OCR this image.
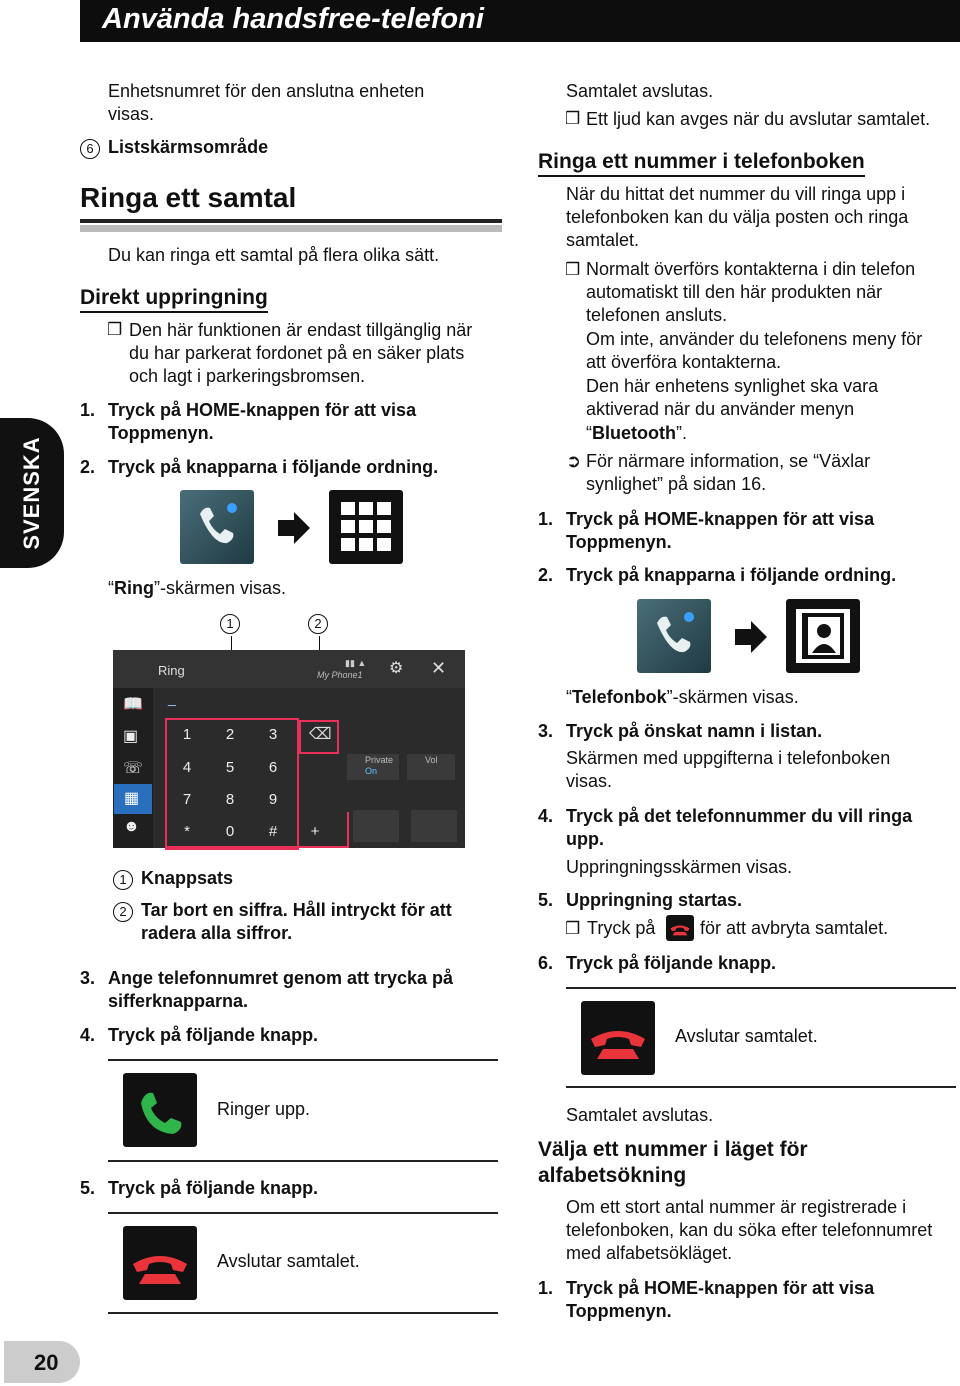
Använda handsfree-telefoni
SVENSKA
Enhetsnumret för den anslutna enheten
visas.
6 Listskärmsområde
Ringa ett samtal
Du kan ringa ett samtal på flera olika sätt.
Direkt uppringning
❒ Den här funktionen är endast tillgänglig när
du har parkerat fordonet på en säker plats
och lagt i parkeringsbromsen.
1. Tryck på HOME-knappen för att visa
Toppmenyn.
2. Tryck på knapparna i följande ordning.
“Ring”-skärmen visas.
1	2
Ring	My Phone1
▮▮ ▲ ⚙ ✕
_
📖
▣
☏
▦
☻
1	2	3
4	5	6
7	8	9
*	0	#	+
⌫
Private
On
Vol
1 Knappsats
2 Tar bort en siffra. Håll intryckt för att
radera alla siffror.
3. Ange telefonnumret genom att trycka på
sifferknapparna.
4. Tryck på följande knapp.
Ringer upp.
5. Tryck på följande knapp.
Avslutar samtalet.
20
Samtalet avslutas.
❒ Ett ljud kan avges när du avslutar samtalet.
Ringa ett nummer i telefonboken
När du hittat det nummer du vill ringa upp i
telefonboken kan du välja posten och ringa
samtalet.
❒ Normalt överförs kontakterna i din telefon
automatiskt till den här produkten när
telefonen ansluts.
Om inte, använder du telefonens meny för
att överföra kontakterna.
Den här enhetens synlighet ska vara
aktiverad när du använder menyn
“Bluetooth”.
➲ För närmare information, se “Växlar
synlighet” på sidan 16.
1. Tryck på HOME-knappen för att visa
Toppmenyn.
2. Tryck på knapparna i följande ordning.
“Telefonbok”-skärmen visas.
3. Tryck på önskat namn i listan.
Skärmen med uppgifterna i telefonboken
visas.
4. Tryck på det telefonnummer du vill ringa
upp.
Uppringningsskärmen visas.
5. Uppringning startas.
❒ Tryck på för att avbryta samtalet.
6. Tryck på följande knapp.
Avslutar samtalet.
Samtalet avslutas.
Välja ett nummer i läget för
alfabetsökning
Om ett stort antal nummer är registrerade i
telefonboken, kan du söka efter telefonnumret
med alfabetsökläget.
1. Tryck på HOME-knappen för att visa
Toppmenyn.
